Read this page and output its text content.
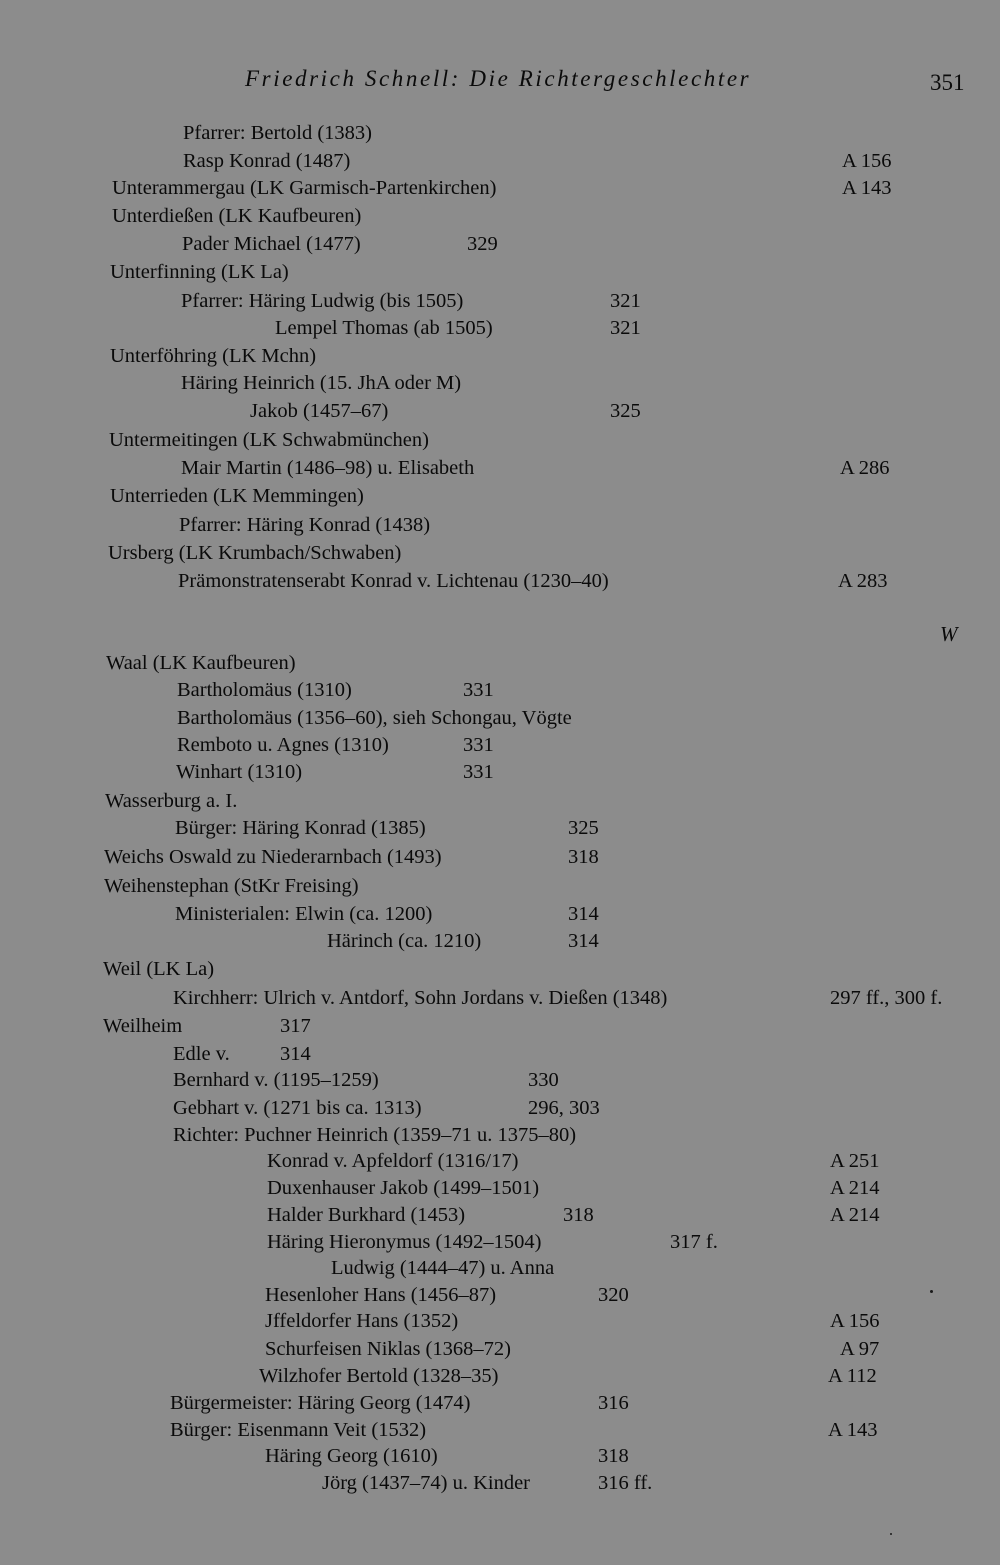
Friedrich Schnell: Die Richtergeschlechter	351
W
Pfarrer: Bertold (1383)
Rasp Konrad (1487)	A 156
Unterammergau (LK Garmisch-Partenkirchen)	A 143
Unterdießen (LK Kaufbeuren)
Pader Michael (1477)	329
Unterfinning (LK La)
Pfarrer: Häring Ludwig (bis 1505)	321
Lempel Thomas (ab 1505)	321
Unterföhring (LK Mchn)
Häring Heinrich (15. JhA oder M)
Jakob (1457–67)	325
Untermeitingen (LK Schwabmünchen)
Mair Martin (1486–98) u. Elisabeth	A 286
Unterrieden (LK Memmingen)
Pfarrer: Häring Konrad (1438)
Ursberg (LK Krumbach/Schwaben)
Prämonstratenserabt Konrad v. Lichtenau (1230–40)	A 283
Waal (LK Kaufbeuren)
Bartholomäus (1310)	331
Bartholomäus (1356–60), sieh Schongau, Vögte
Remboto u. Agnes (1310)	331
Winhart (1310)	331
Wasserburg a. I.
Bürger: Häring Konrad (1385)	325
Weichs Oswald zu Niederarnbach (1493)	318
Weihenstephan (StKr Freising)
Ministerialen: Elwin (ca. 1200)	314
Härinch (ca. 1210)	314
Weil (LK La)
Kirchherr: Ulrich v. Antdorf, Sohn Jordans v. Dießen (1348)	297 ff., 300 f.
Weilheim	317
Edle v. 314
Bernhard v. (1195–1259)	330
Gebhart v. (1271 bis ca. 1313)	296, 303
Richter: Puchner Heinrich (1359–71 u. 1375–80)
Konrad v. Apfeldorf (1316/17)	A 251
Duxenhauser Jakob (1499–1501)	A 214
Halder Burkhard (1453)	318	A 214
Häring Hieronymus (1492–1504)	317 f.
Ludwig (1444–47) u. Anna
Hesenloher Hans (1456–87)	320
Jffeldorfer Hans (1352)	A 156
Schurfeisen Niklas (1368–72)	A 97
Wilzhofer Bertold (1328–35)	A 112
Bürgermeister: Häring Georg (1474)	316
Bürger: Eisenmann Veit (1532)	A 143
Häring Georg (1610)	318
Jörg (1437–74) u. Kinder	316 ff.
